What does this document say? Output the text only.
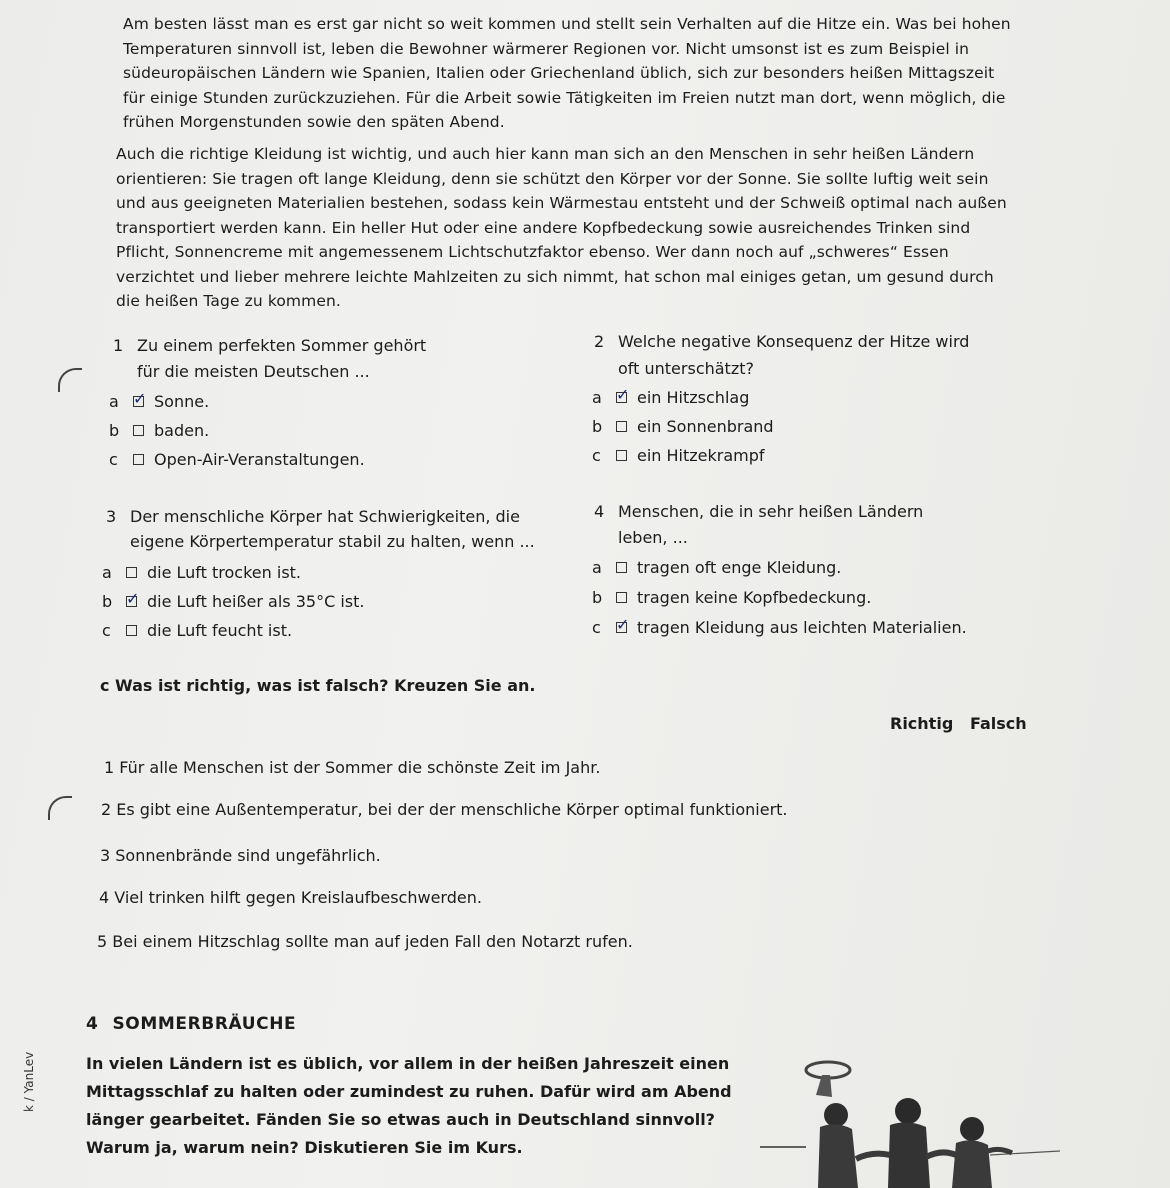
Am besten lässt man es erst gar nicht so weit kommen und stellt sein Verhalten auf die Hitze ein. Was bei hohen Temperaturen sinnvoll ist, leben die Bewohner wärmerer Regionen vor. Nicht umsonst ist es zum Beispiel in südeuropäischen Ländern wie Spanien, Italien oder Griechenland üblich, sich zur besonders heißen Mittagszeit für einige Stunden zurückzuziehen. Für die Arbeit sowie Tätigkeiten im Freien nutzt man dort, wenn möglich, die frühen Morgenstunden sowie den späten Abend.
Auch die richtige Kleidung ist wichtig, und auch hier kann man sich an den Menschen in sehr heißen Ländern orientieren: Sie tragen oft lange Kleidung, denn sie schützt den Körper vor der Sonne. Sie sollte luftig weit sein und aus geeigneten Materialien bestehen, sodass kein Wärmestau entsteht und der Schweiß optimal nach außen transportiert werden kann. Ein heller Hut oder eine andere Kopfbedeckung sowie ausreichendes Trinken sind Pflicht, Sonnencreme mit angemessenem Lichtschutzfaktor ebenso. Wer dann noch auf „schweres“ Essen verzichtet und lieber mehrere leichte Mahlzeiten zu sich nimmt, hat schon mal einiges getan, um gesund durch die heißen Tage zu kommen.
1 Zu einem perfekten Sommer gehört
für die meisten Deutschen ...
a ✓	Sonne.
b	baden.
c	Open-Air-Veranstaltungen.
2 Welche negative Konsequenz der Hitze wird
oft unterschätzt?
a ✓	ein Hitzschlag
b	ein Sonnenbrand
c	ein Hitzekrampf
3 Der menschliche Körper hat Schwierigkeiten, die
eigene Körpertemperatur stabil zu halten, wenn ...
a	die Luft trocken ist.
b ✓	die Luft heißer als 35°C ist.
c	die Luft feucht ist.
4 Menschen, die in sehr heißen Ländern
leben, ...
a	tragen oft enge Kleidung.
b	tragen keine Kopfbedeckung.
c ✓	tragen Kleidung aus leichten Materialien.
c Was ist richtig, was ist falsch? Kreuzen Sie an.
Richtig Falsch
1 Für alle Menschen ist der Sommer die schönste Zeit im Jahr.
2 Es gibt eine Außentemperatur, bei der der menschliche Körper optimal funktioniert.
3 Sonnenbrände sind ungefährlich.
4 Viel trinken hilft gegen Kreislaufbeschwerden.
5 Bei einem Hitzschlag sollte man auf jeden Fall den Notarzt rufen.
4 SOMMERBRÄUCHE
In vielen Ländern ist es üblich, vor allem in der heißen Jahreszeit einen Mittagsschlaf zu halten oder zumindest zu ruhen. Dafür wird am Abend länger gearbeitet. Fänden Sie so etwas auch in Deutschland sinnvoll? Warum ja, warum nein? Diskutieren Sie im Kurs.
k / YanLev
